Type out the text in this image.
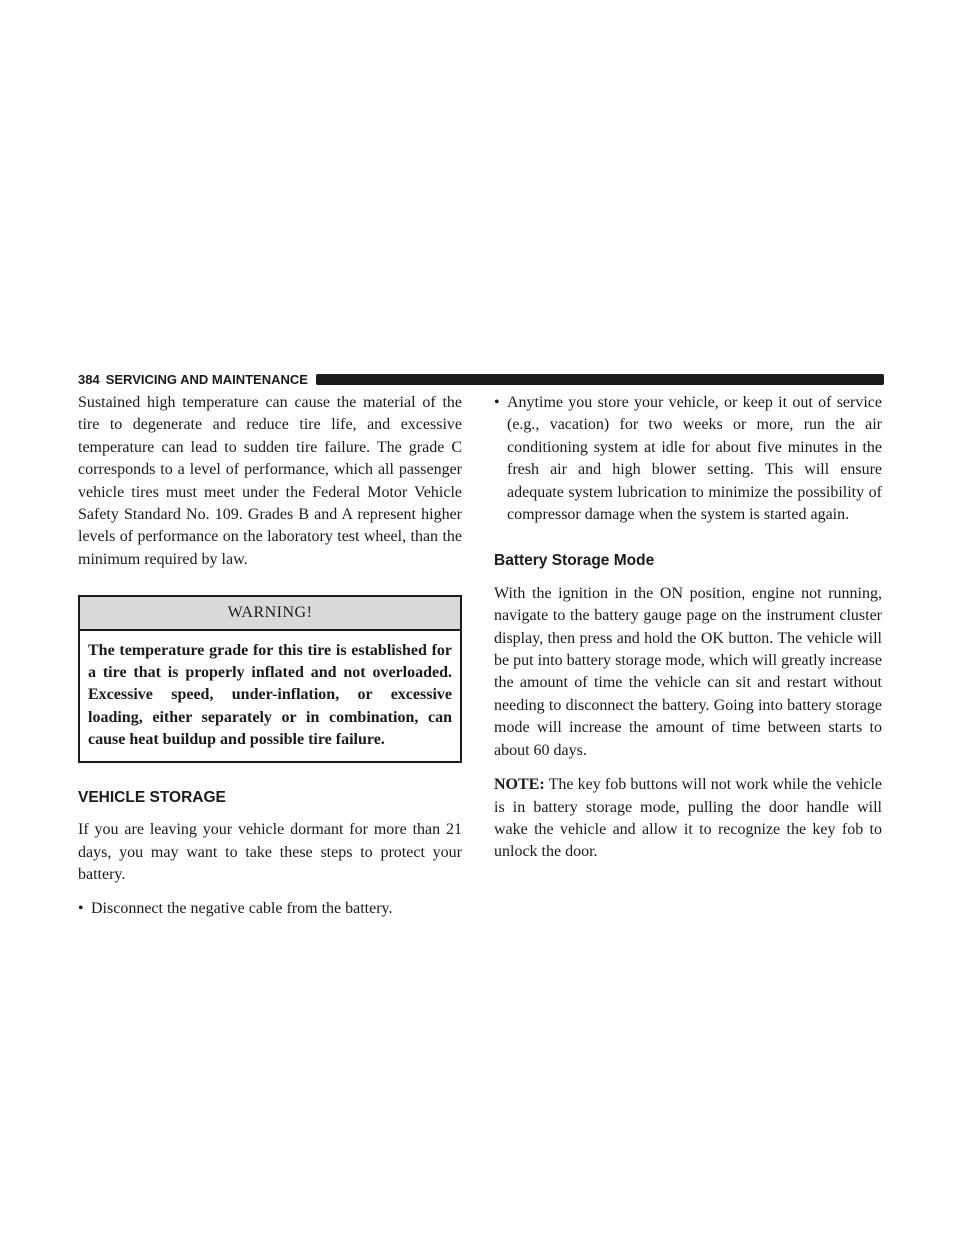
384 SERVICING AND MAINTENANCE

Sustained high temperature can cause the material of the tire to degenerate and reduce tire life, and excessive temperature can lead to sudden tire failure. The grade C corresponds to a level of performance, which all passenger vehicle tires must meet under the Federal Motor Vehicle Safety Standard No. 109. Grades B and A represent higher levels of performance on the laboratory test wheel, than the minimum required by law.

WARNING!
The temperature grade for this tire is established for a tire that is properly inflated and not overloaded. Excessive speed, under-inflation, or excessive loading, either separately or in combination, can cause heat buildup and possible tire failure.
VEHICLE STORAGE

If you are leaving your vehicle dormant for more than 21 days, you may want to take these steps to protect your battery.

• Disconnect the negative cable from the battery.
• Anytime you store your vehicle, or keep it out of service (e.g., vacation) for two weeks or more, run the air conditioning system at idle for about five minutes in the fresh air and high blower setting. This will ensure adequate system lubrication to minimize the possibility of compressor damage when the system is started again.
Battery Storage Mode

With the ignition in the ON position, engine not running, navigate to the battery gauge page on the instrument cluster display, then press and hold the OK button. The vehicle will be put into battery storage mode, which will greatly increase the amount of time the vehicle can sit and restart without needing to disconnect the battery. Going into battery storage mode will increase the amount of time between starts to about 60 days.

NOTE: The key fob buttons will not work while the vehicle is in battery storage mode, pulling the door handle will wake the vehicle and allow it to recognize the key fob to unlock the door.
